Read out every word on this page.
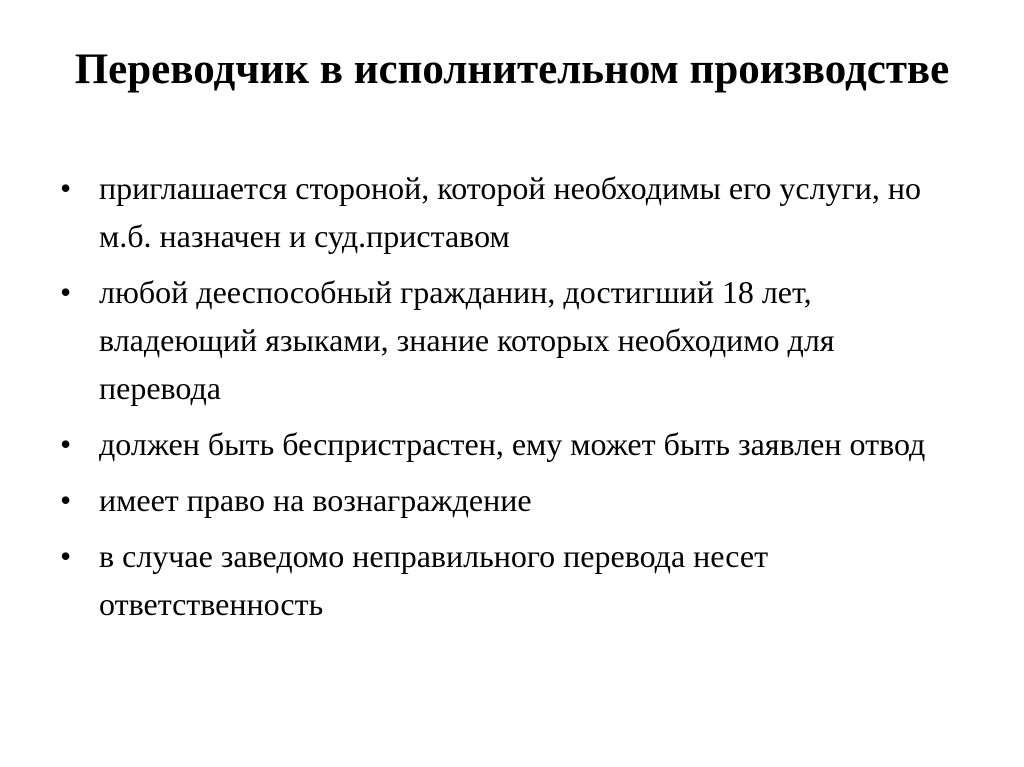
Переводчик в исполнительном производстве
• приглашается стороной, которой необходимы его услуги, но м.б. назначен и суд.приставом
• любой дееспособный гражданин, достигший 18 лет, владеющий языками, знание которых необходимо для перевода
• должен быть беспристрастен, ему может быть заявлен отвод
• имеет право на вознаграждение
• в случае заведомо неправильного перевода несет ответственность
